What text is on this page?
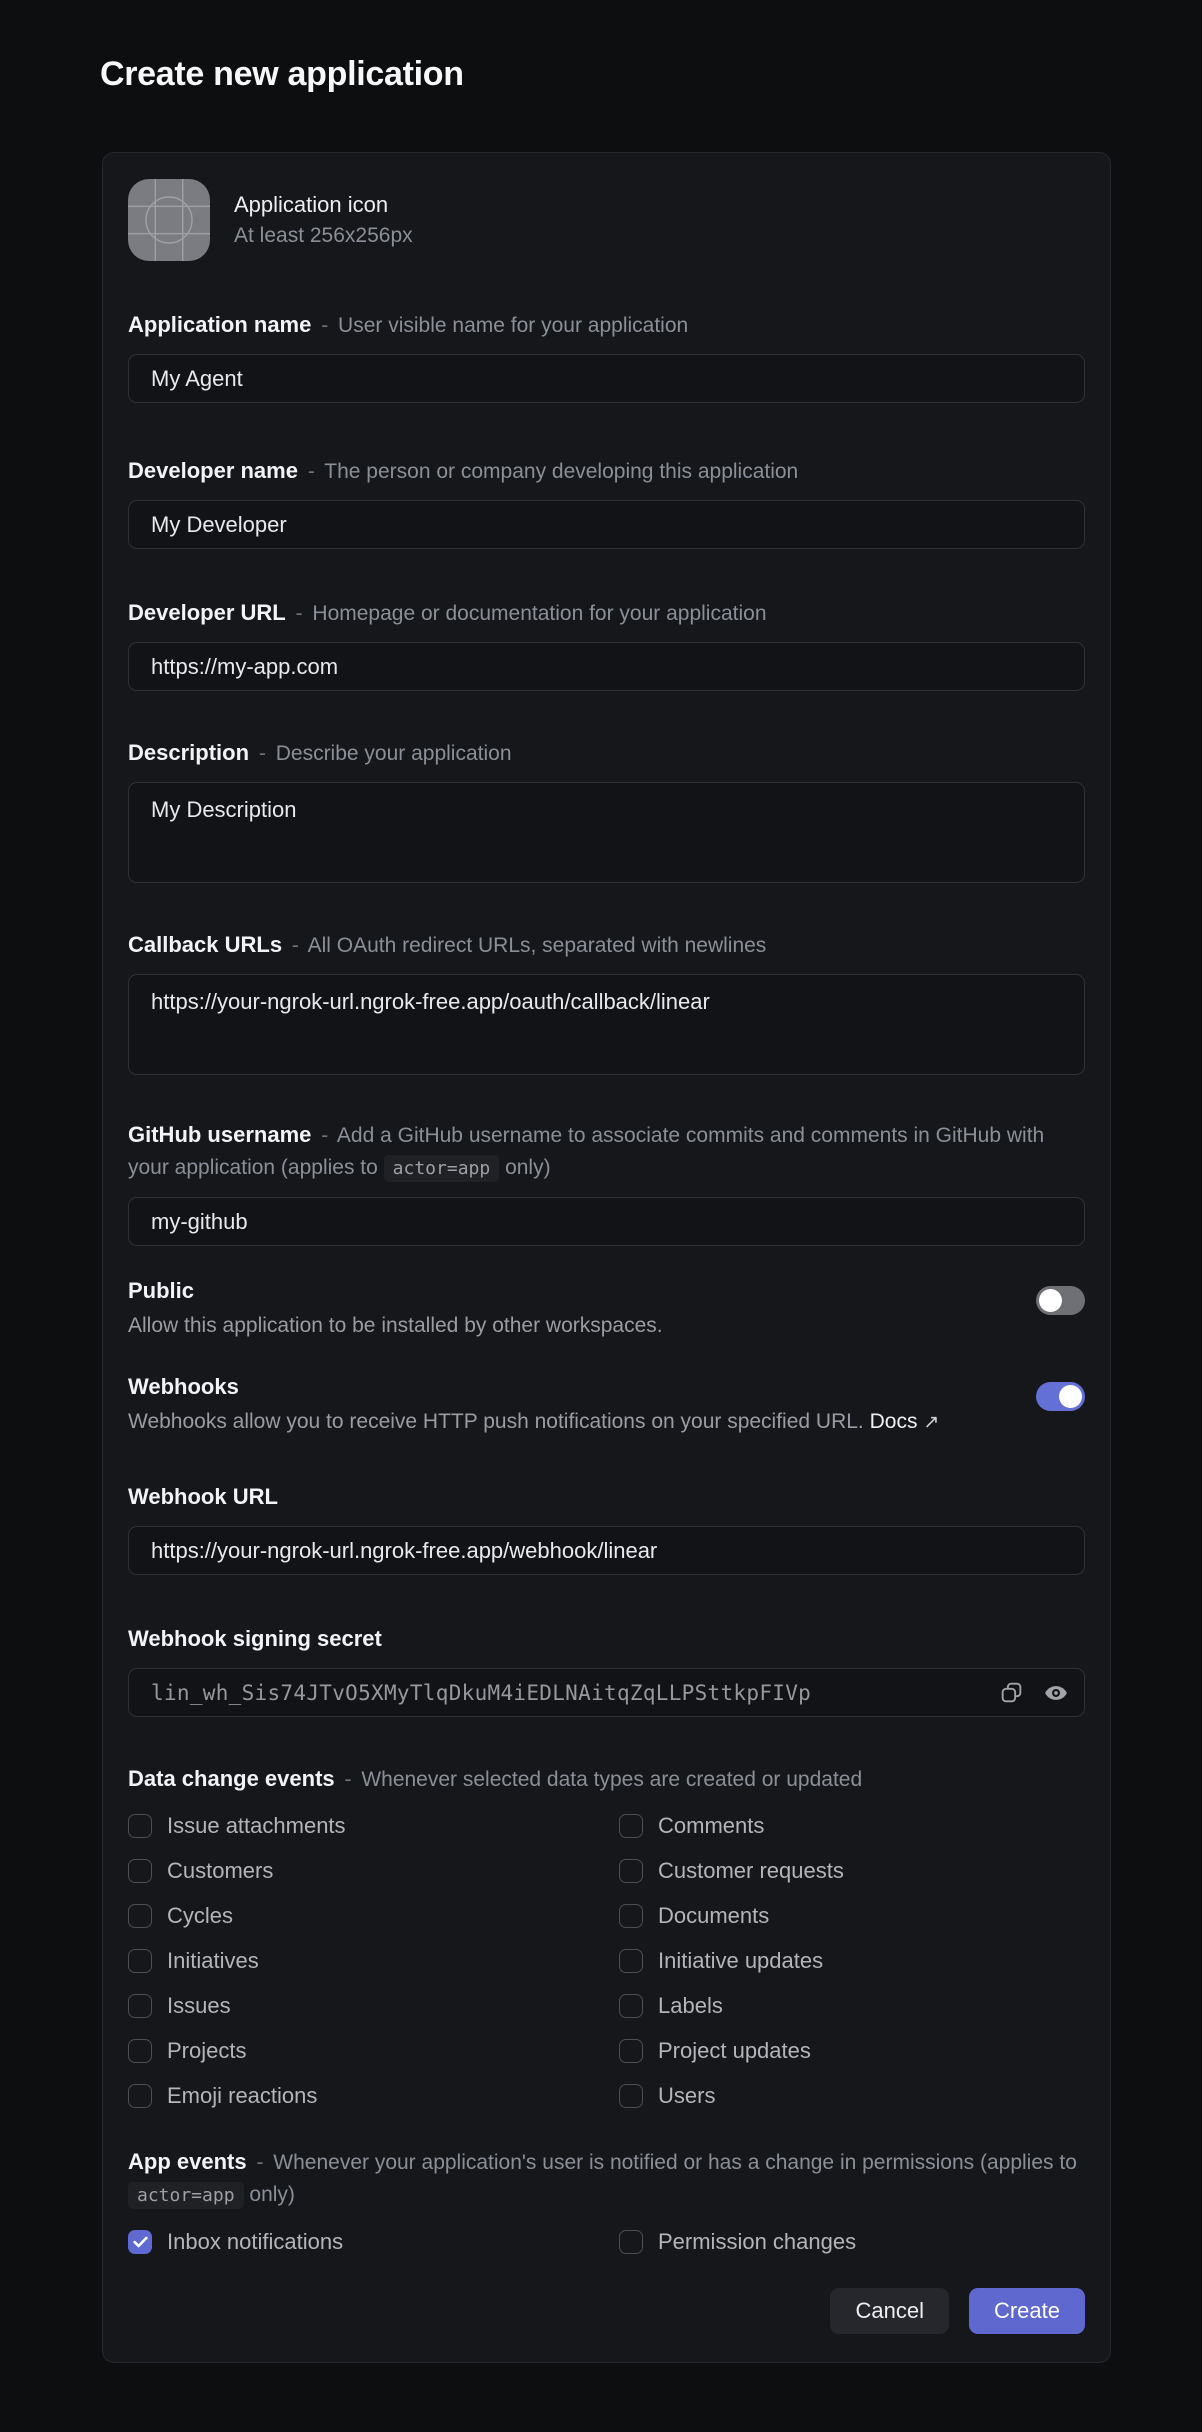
Create new application
Application icon
At least 256x256px
Application name - User visible name for your application
My Agent
Developer name - The person or company developing this application
My Developer
Developer URL - Homepage or documentation for your application
https://my-app.com
Description - Describe your application
My Description
Callback URLs - All OAuth redirect URLs, separated with newlines
https://your-ngrok-url.ngrok-free.app/oauth/callback/linear
GitHub username - Add a GitHub username to associate commits and comments in GitHub with your application (applies to actor=app only)
my-github
Public
Allow this application to be installed by other workspaces.
Webhooks
Webhooks allow you to receive HTTP push notifications on your specified URL. Docs ↗
Webhook URL
https://your-ngrok-url.ngrok-free.app/webhook/linear
Webhook signing secret
lin_wh_Sis74JTvO5XMyTlqDkuM4iEDLNAitqZqLLPSttkpFIVp
Data change events - Whenever selected data types are created or updated
Issue attachments	Comments
Customers	Customer requests
Cycles	Documents
Initiatives	Initiative updates
Issues	Labels
Projects	Project updates
Emoji reactions	Users
App events - Whenever your application's user is notified or has a change in permissions (applies to actor=app only)
Inbox notifications	Permission changes
Cancel	Create
